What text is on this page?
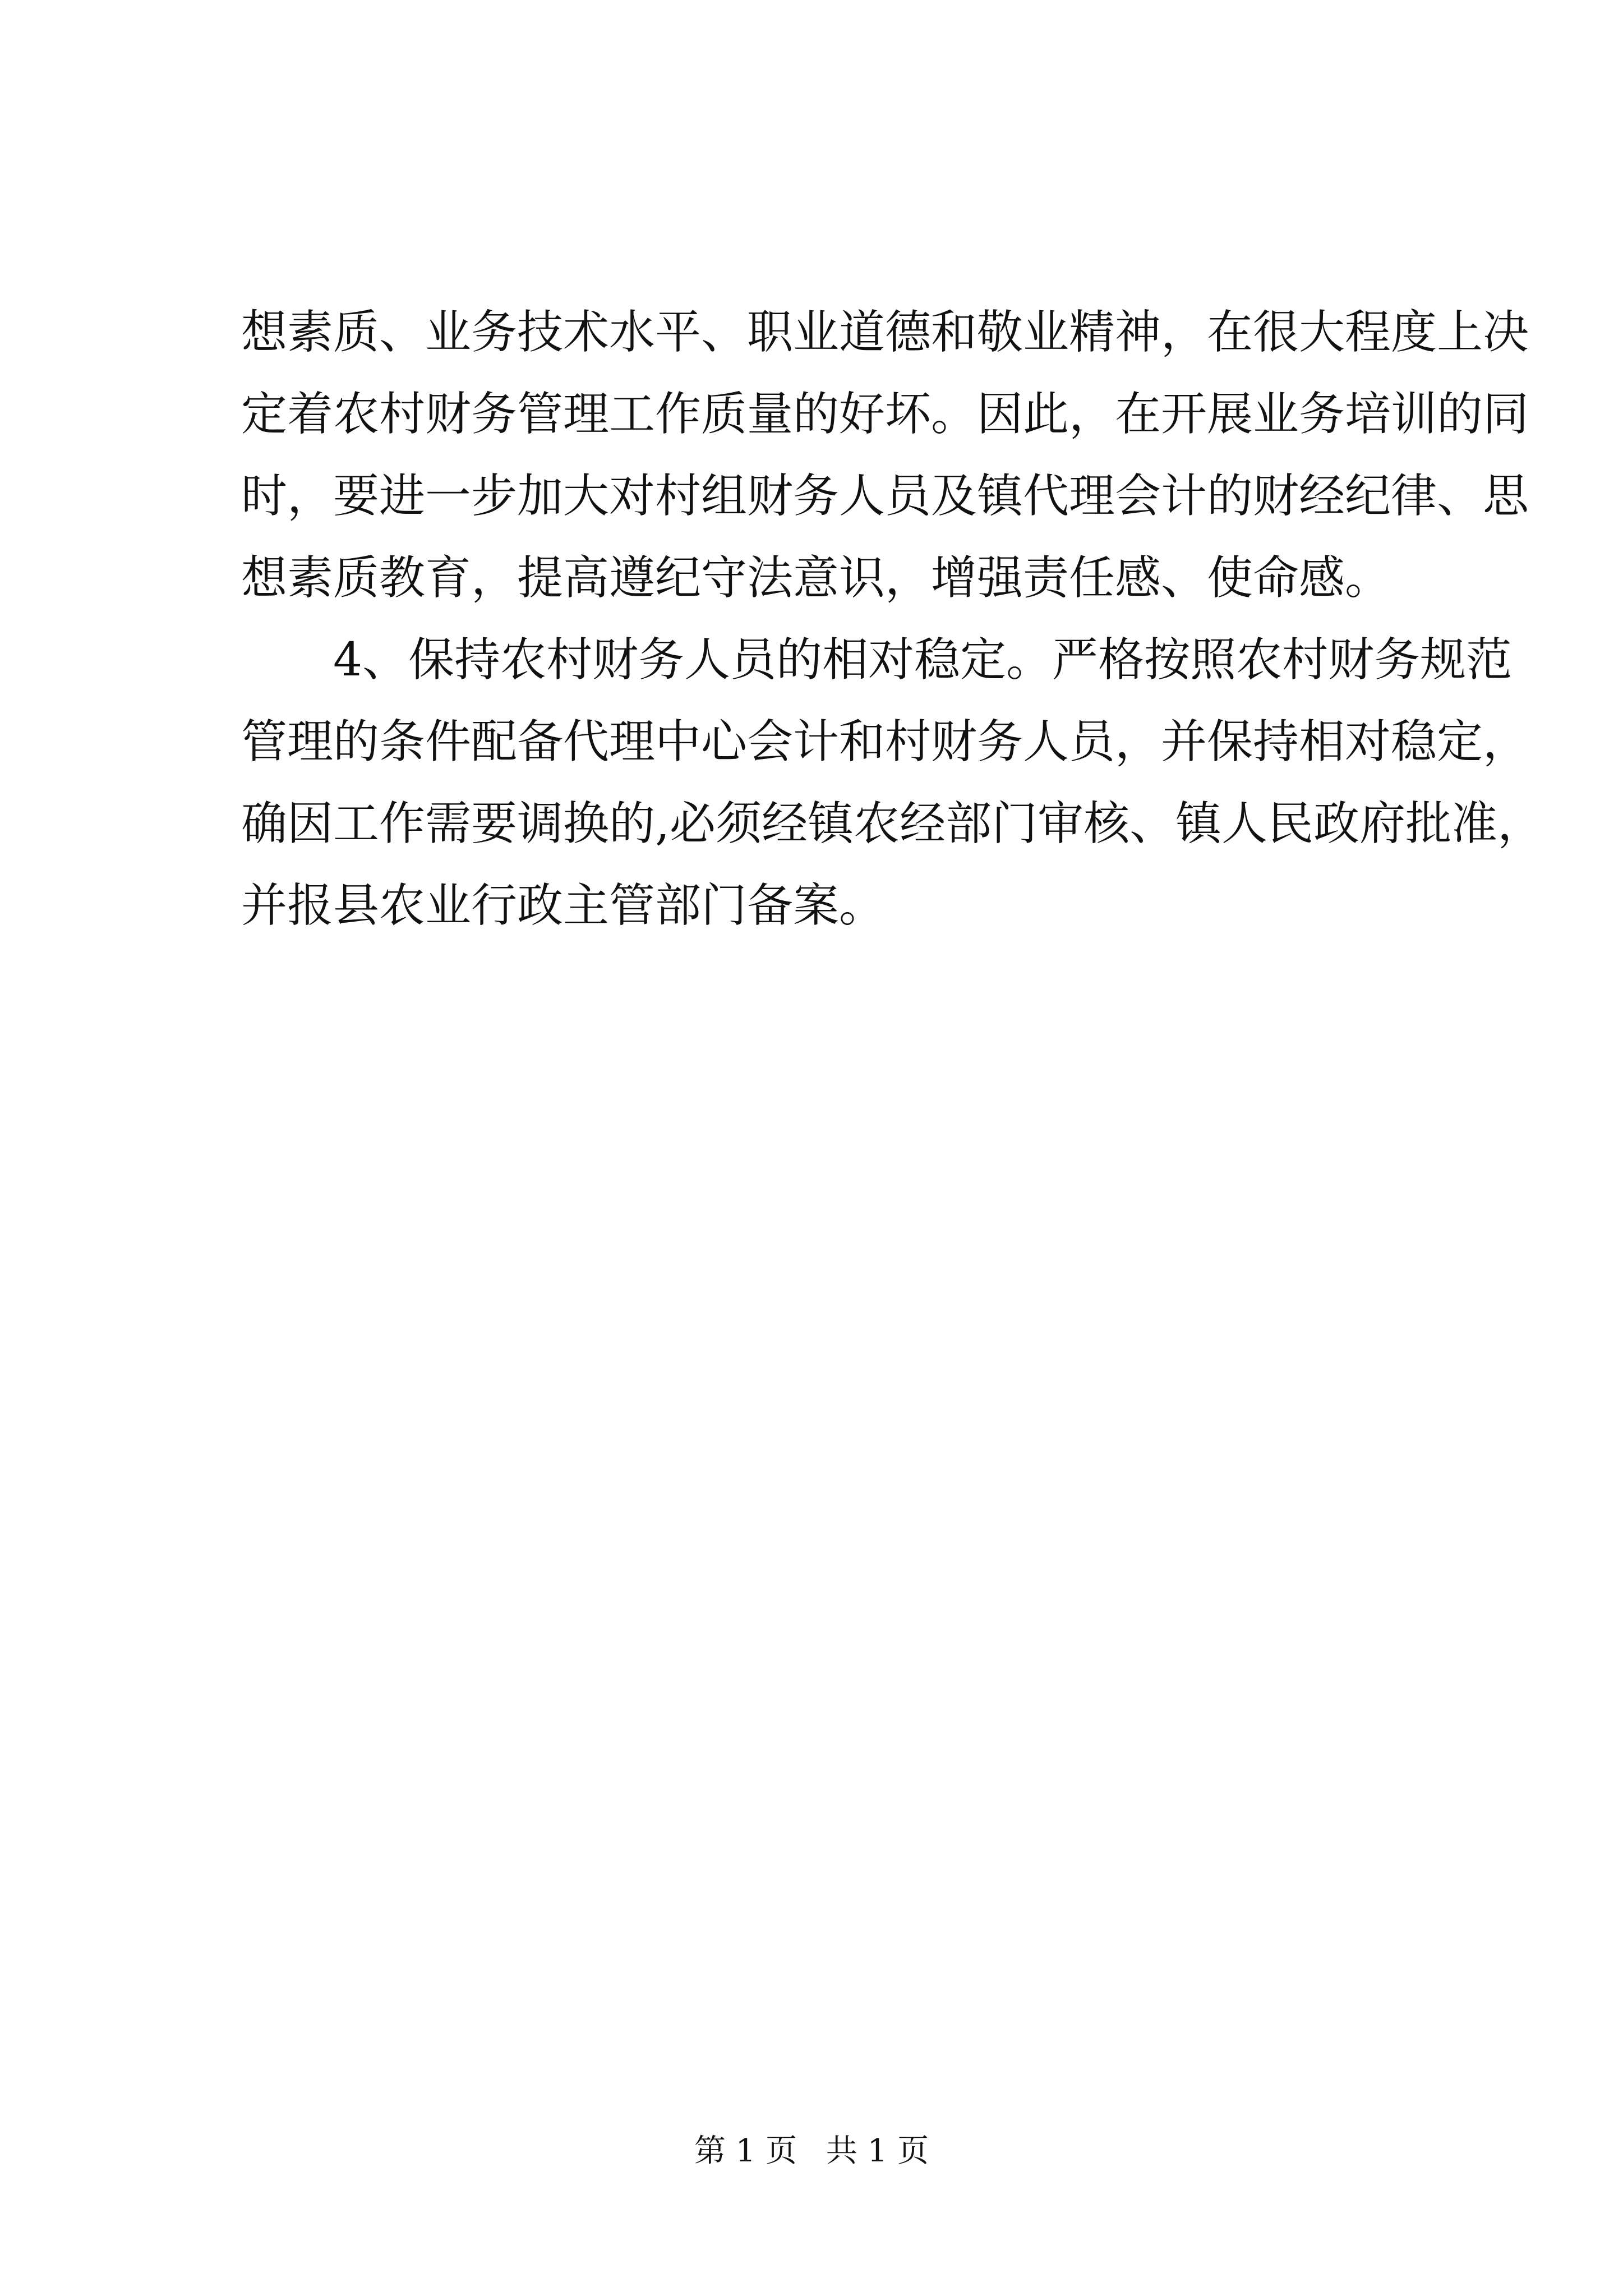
想素质、业务技术水平、职业道德和敬业精神，在很大程度上决
定着农村财务管理工作质量的好坏。因此，在开展业务培训的同
时，要进一步加大对村组财务人员及镇代理会计的财经纪律、思
想素质教育，提高遵纪守法意识，增强责任感、使命感。
4、保持农村财务人员的相对稳定。严格按照农村财务规范
管理的条件配备代理中心会计和村财务人员，并保持相对稳定，
确因工作需要调换的,必须经镇农经部门审核、镇人民政府批准，
并报县农业行政主管部门备案。
第 1 页 共 1 页
